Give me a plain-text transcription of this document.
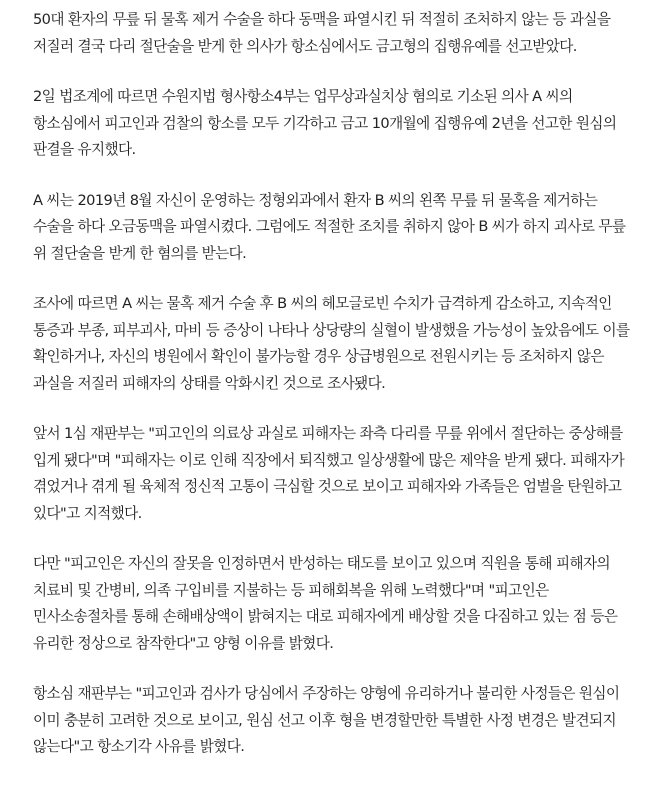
50대 환자의 무릎 뒤 물혹 제거 수술을 하다 동맥을 파열시킨 뒤 적절히 조처하지 않는 등 과실을 저질러 결국 다리 절단술을 받게 한 의사가 항소심에서도 금고형의 집행유예를 선고받았다.

2일 법조계에 따르면 수원지법 형사항소4부는 업무상과실치상 혐의로 기소된 의사 A 씨의 항소심에서 피고인과 검찰의 항소를 모두 기각하고 금고 10개월에 집행유예 2년을 선고한 원심의 판결을 유지했다.

A 씨는 2019년 8월 자신이 운영하는 정형외과에서 환자 B 씨의 왼쪽 무릎 뒤 물혹을 제거하는 수술을 하다 오금동맥을 파열시켰다. 그럼에도 적절한 조치를 취하지 않아 B 씨가 하지 괴사로 무릎 위 절단술을 받게 한 혐의를 받는다.

조사에 따르면 A 씨는 물혹 제거 수술 후 B 씨의 헤모글로빈 수치가 급격하게 감소하고, 지속적인 통증과 부종, 피부괴사, 마비 등 증상이 나타나 상당량의 실혈이 발생했을 가능성이 높았음에도 이를 확인하거나, 자신의 병원에서 확인이 불가능할 경우 상급병원으로 전원시키는 등 조처하지 않은 과실을 저질러 피해자의 상태를 악화시킨 것으로 조사됐다.

앞서 1심 재판부는 "피고인의 의료상 과실로 피해자는 좌측 다리를 무릎 위에서 절단하는 중상해를 입게 됐다"며 "피해자는 이로 인해 직장에서 퇴직했고 일상생활에 많은 제약을 받게 됐다. 피해자가 겪었거나 겪게 될 육체적 정신적 고통이 극심할 것으로 보이고 피해자와 가족들은 엄벌을 탄원하고 있다"고 지적했다.

다만 "피고인은 자신의 잘못을 인정하면서 반성하는 태도를 보이고 있으며 직원을 통해 피해자의 치료비 및 간병비, 의족 구입비를 지불하는 등 피해회복을 위해 노력했다"며 "피고인은 민사소송절차를 통해 손해배상액이 밝혀지는 대로 피해자에게 배상할 것을 다짐하고 있는 점 등은 유리한 정상으로 참작한다"고 양형 이유를 밝혔다.

항소심 재판부는 "피고인과 검사가 당심에서 주장하는 양형에 유리하거나 불리한 사정들은 원심이 이미 충분히 고려한 것으로 보이고, 원심 선고 이후 형을 변경할만한 특별한 사정 변경은 발견되지 않는다"고 항소기각 사유를 밝혔다.
